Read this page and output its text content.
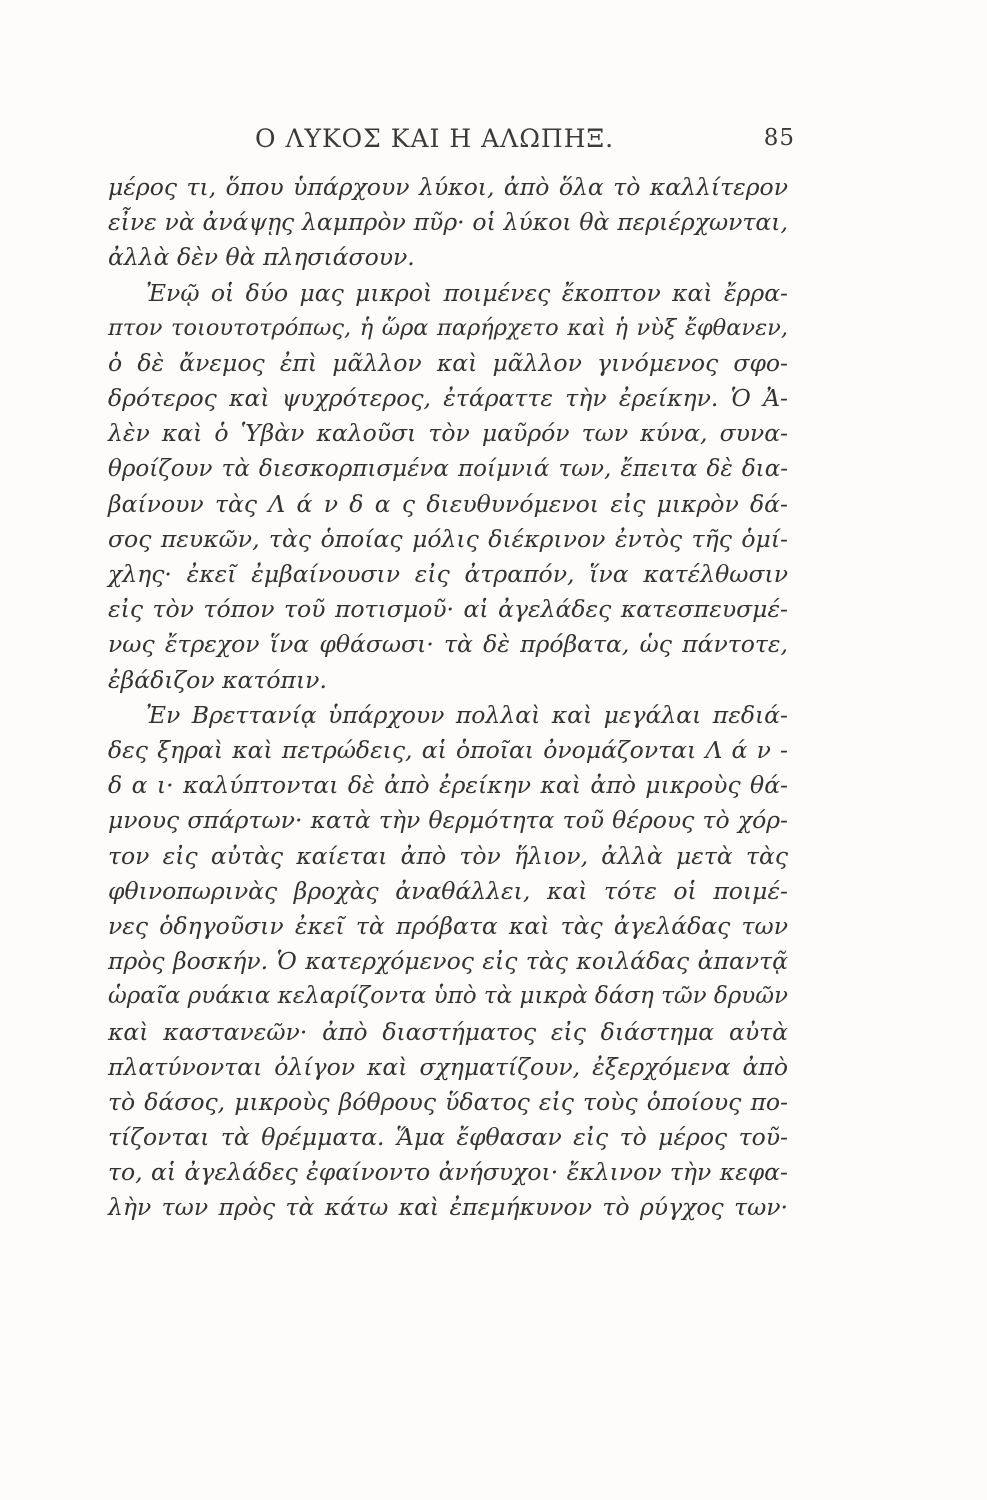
Ο ΛΥΚΟΣ ΚΑΙ Η ΑΛΩΠΗΞ.	85
μέρος τι, ὅπου ὑπάρχουν λύκοι, ἀπὸ ὅλα τὸ καλλίτερον
εἶνε νὰ ἀνάψῃς λαμπρὸν πῦρ· οἱ λύκοι θὰ περιέρχωνται,
ἀλλὰ δὲν θὰ πλησιάσουν.
Ἐνῷ οἱ δύο μας μικροὶ ποιμένες ἔκοπτον καὶ ἔρρα-
πτον τοιουτοτρόπως, ἡ ὥρα παρήρχετο καὶ ἡ νὺξ ἔφθανεν,
ὁ δὲ ἄνεμος ἐπὶ μᾶλλον καὶ μᾶλλον γινόμενος σφο-
δρότερος καὶ ψυχρότερος, ἐτάραττε τὴν ἐρείκην. Ὁ Ἀ-
λὲν καὶ ὁ Ὑβὰν καλοῦσι τὸν μαῦρόν των κύνα, συνα-
θροίζουν τὰ διεσκορπισμένα ποίμνιά των, ἔπειτα δὲ δια-
βαίνουν τὰς Λ ά ν δ α ς διευθυνόμενοι εἰς μικρὸν δά-
σος πευκῶν, τὰς ὁποίας μόλις διέκρινον ἐντὸς τῆς ὁμί-
χλης· ἐκεῖ ἐμβαίνουσιν εἰς ἀτραπόν, ἵνα κατέλθωσιν
εἰς τὸν τόπον τοῦ ποτισμοῦ· αἱ ἀγελάδες κατεσπευσμέ-
νως ἔτρεχον ἵνα φθάσωσι· τὰ δὲ πρόβατα, ὡς πάντοτε,
ἐβάδιζον κατόπιν.
Ἐν Βρεττανίᾳ ὑπάρχουν πολλαὶ καὶ μεγάλαι πεδιά-
δες ξηραὶ καὶ πετρώδεις, αἱ ὁποῖαι ὀνομάζονται Λ ά ν -
δ α ι· καλύπτονται δὲ ἀπὸ ἐρείκην καὶ ἀπὸ μικροὺς θά-
μνους σπάρτων· κατὰ τὴν θερμότητα τοῦ θέρους τὸ χόρ-
τον εἰς αὐτὰς καίεται ἀπὸ τὸν ἥλιον, ἀλλὰ μετὰ τὰς
φθινοπωρινὰς βροχὰς ἀναθάλλει, καὶ τότε οἱ ποιμέ-
νες ὁδηγοῦσιν ἐκεῖ τὰ πρόβατα καὶ τὰς ἀγελάδας των
πρὸς βοσκήν. Ὁ κατερχόμενος εἰς τὰς κοιλάδας ἀπαντᾷ
ὡραῖα ρυάκια κελαρίζοντα ὑπὸ τὰ μικρὰ δάση τῶν δρυῶν
καὶ καστανεῶν· ἀπὸ διαστήματος εἰς διάστημα αὐτὰ
πλατύνονται ὀλίγον καὶ σχηματίζουν, ἐξερχόμενα ἀπὸ
τὸ δάσος, μικροὺς βόθρους ὕδατος εἰς τοὺς ὁποίους πο-
τίζονται τὰ θρέμματα. Ἅμα ἔφθασαν εἰς τὸ μέρος τοῦ-
το, αἱ ἀγελάδες ἐφαίνοντο ἀνήσυχοι· ἔκλινον τὴν κεφα-
λὴν των πρὸς τὰ κάτω καὶ ἐπεμήκυνον τὸ ρύγχος των·
